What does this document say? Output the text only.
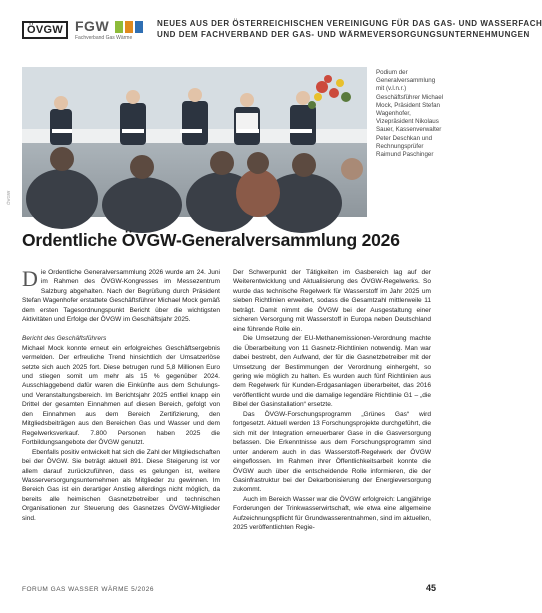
ÖVGW FGW
Fachverband Gas Wärme
NEUES AUS DER ÖSTERREICHISCHEN VEREINIGUNG FÜR DAS GAS- UND WASSERFACH
UND DEM FACHVERBAND DER GAS- UND WÄRMEVERSORGUNGSUNTERNEHMUNGEN
ÖVGW
Podium der Generalversammlung mit (v.l.n.r.) Geschäftsführer Michael Mock, Präsident Stefan Wagenhofer, Vizepräsident Nikolaus Sauer, Kassenverwalter Peter Deschkan und Rechnungsprüfer Raimund Paschinger
Ordentliche ÖVGW-Generalversammlung 2026

Die Ordentliche Generalversammlung 2026 wurde am 24. Juni im Rahmen des ÖVGW-Kongresses im Messezentrum Salzburg abgehalten. Nach der Begrüßung durch Präsident Stefan Wagenhofer erstattete Geschäftsführer Michael Mock gemäß dem ersten Tagesordnungspunkt Bericht über die wichtigsten Aktivitäten und Erfolge der ÖVGW im Geschäftsjahr 2025.

Bericht des Geschäftsführers

Michael Mock konnte erneut ein erfolgreiches Geschäftsergebnis vermelden. Der erfreuliche Trend hinsichtlich der Umsatzerlöse setzte sich auch 2025 fort. Diese betrugen rund 5,8 Millionen Euro und stiegen somit um mehr als 15 % gegenüber 2024. Ausschlaggebend dafür waren die Einkünfte aus dem Schulungs- und Veranstaltungsbereich. Im Berichtsjahr 2025 entfiel knapp ein Drittel der gesamten Einnahmen auf diesen Bereich, gefolgt von den Einnahmen aus dem Bereich Zertifizierung, den Mitgliedsbeiträgen aus den Bereichen Gas und Wasser und dem Regelwerksverkauf. 7.800 Personen haben 2025 die Fortbildungsangebote der ÖVGW genutzt.

Ebenfalls positiv entwickelt hat sich die Zahl der Mitgliedschaften bei der ÖVGW. Sie beträgt aktuell 891. Diese Steigerung ist vor allem darauf zurückzuführen, dass es gelungen ist, weitere Wasserversorgungsunternehmen als Mitglieder zu gewinnen. Im Bereich Gas ist ein derartiger Anstieg allerdings nicht möglich, da bereits alle heimischen Gasnetzbetreiber und technischen Organisationen zur Steuerung des Gasnetzes ÖVGW-Mitglieder sind.

Der Schwerpunkt der Tätigkeiten im Gasbereich lag auf der Weiterentwicklung und Aktualisierung des ÖVGW-Regelwerks. So wurde das technische Regelwerk für Wasserstoff im Jahr 2025 um sieben Richtlinien erweitert, sodass die Gesamtzahl mittlerweile 11 beträgt. Damit nimmt die ÖVGW bei der Ausgestaltung einer sicheren Versorgung mit Wasserstoff in Europa neben Deutschland eine führende Rolle ein.

Die Umsetzung der EU-Methanemissionen-Verordnung machte die Überarbeitung von 11 Gasnetz-Richtlinien notwendig. Man war dabei bestrebt, den Aufwand, der für die Gasnetzbetreiber mit der Umsetzung der Bestimmungen der Verordnung einhergeht, so gering wie möglich zu halten. Es wurden auch fünf Richtlinien aus dem Regelwerk für Kunden-Erdgasanlagen überarbeitet, das 2016 veröffentlicht wurde und die damalige legendäre Richtlinie G1 – „die Bibel der Gasinstallation“ ersetzte.

Das ÖVGW-Forschungsprogramm „Grünes Gas“ wird fortgesetzt. Aktuell werden 13 Forschungsprojekte durchgeführt, die sich mit der Integration erneuerbarer Gase in die Gasversorgung befassen. Die Erkenntnisse aus dem Forschungsprogramm sind unter anderem auch in das Wasserstoff-Regelwerk der ÖVGW eingeflossen. Im Rahmen ihrer Öffentlichkeitsarbeit konnte die ÖVGW auch über die entscheidende Rolle informieren, die der Gasinfrastruktur bei der Dekarbonisierung der Energieversorgung zukommt.

Auch im Bereich Wasser war die ÖVGW erfolgreich: Langjährige Forderungen der Trinkwasserwirtschaft, wie etwa eine allgemeine Aufzeichnungspflicht für Grundwasserentnahmen, sind im aktuellen, 2025 veröffentlichten Regie-

FORUM GAS WASSER WÄRME 5/2026	45
